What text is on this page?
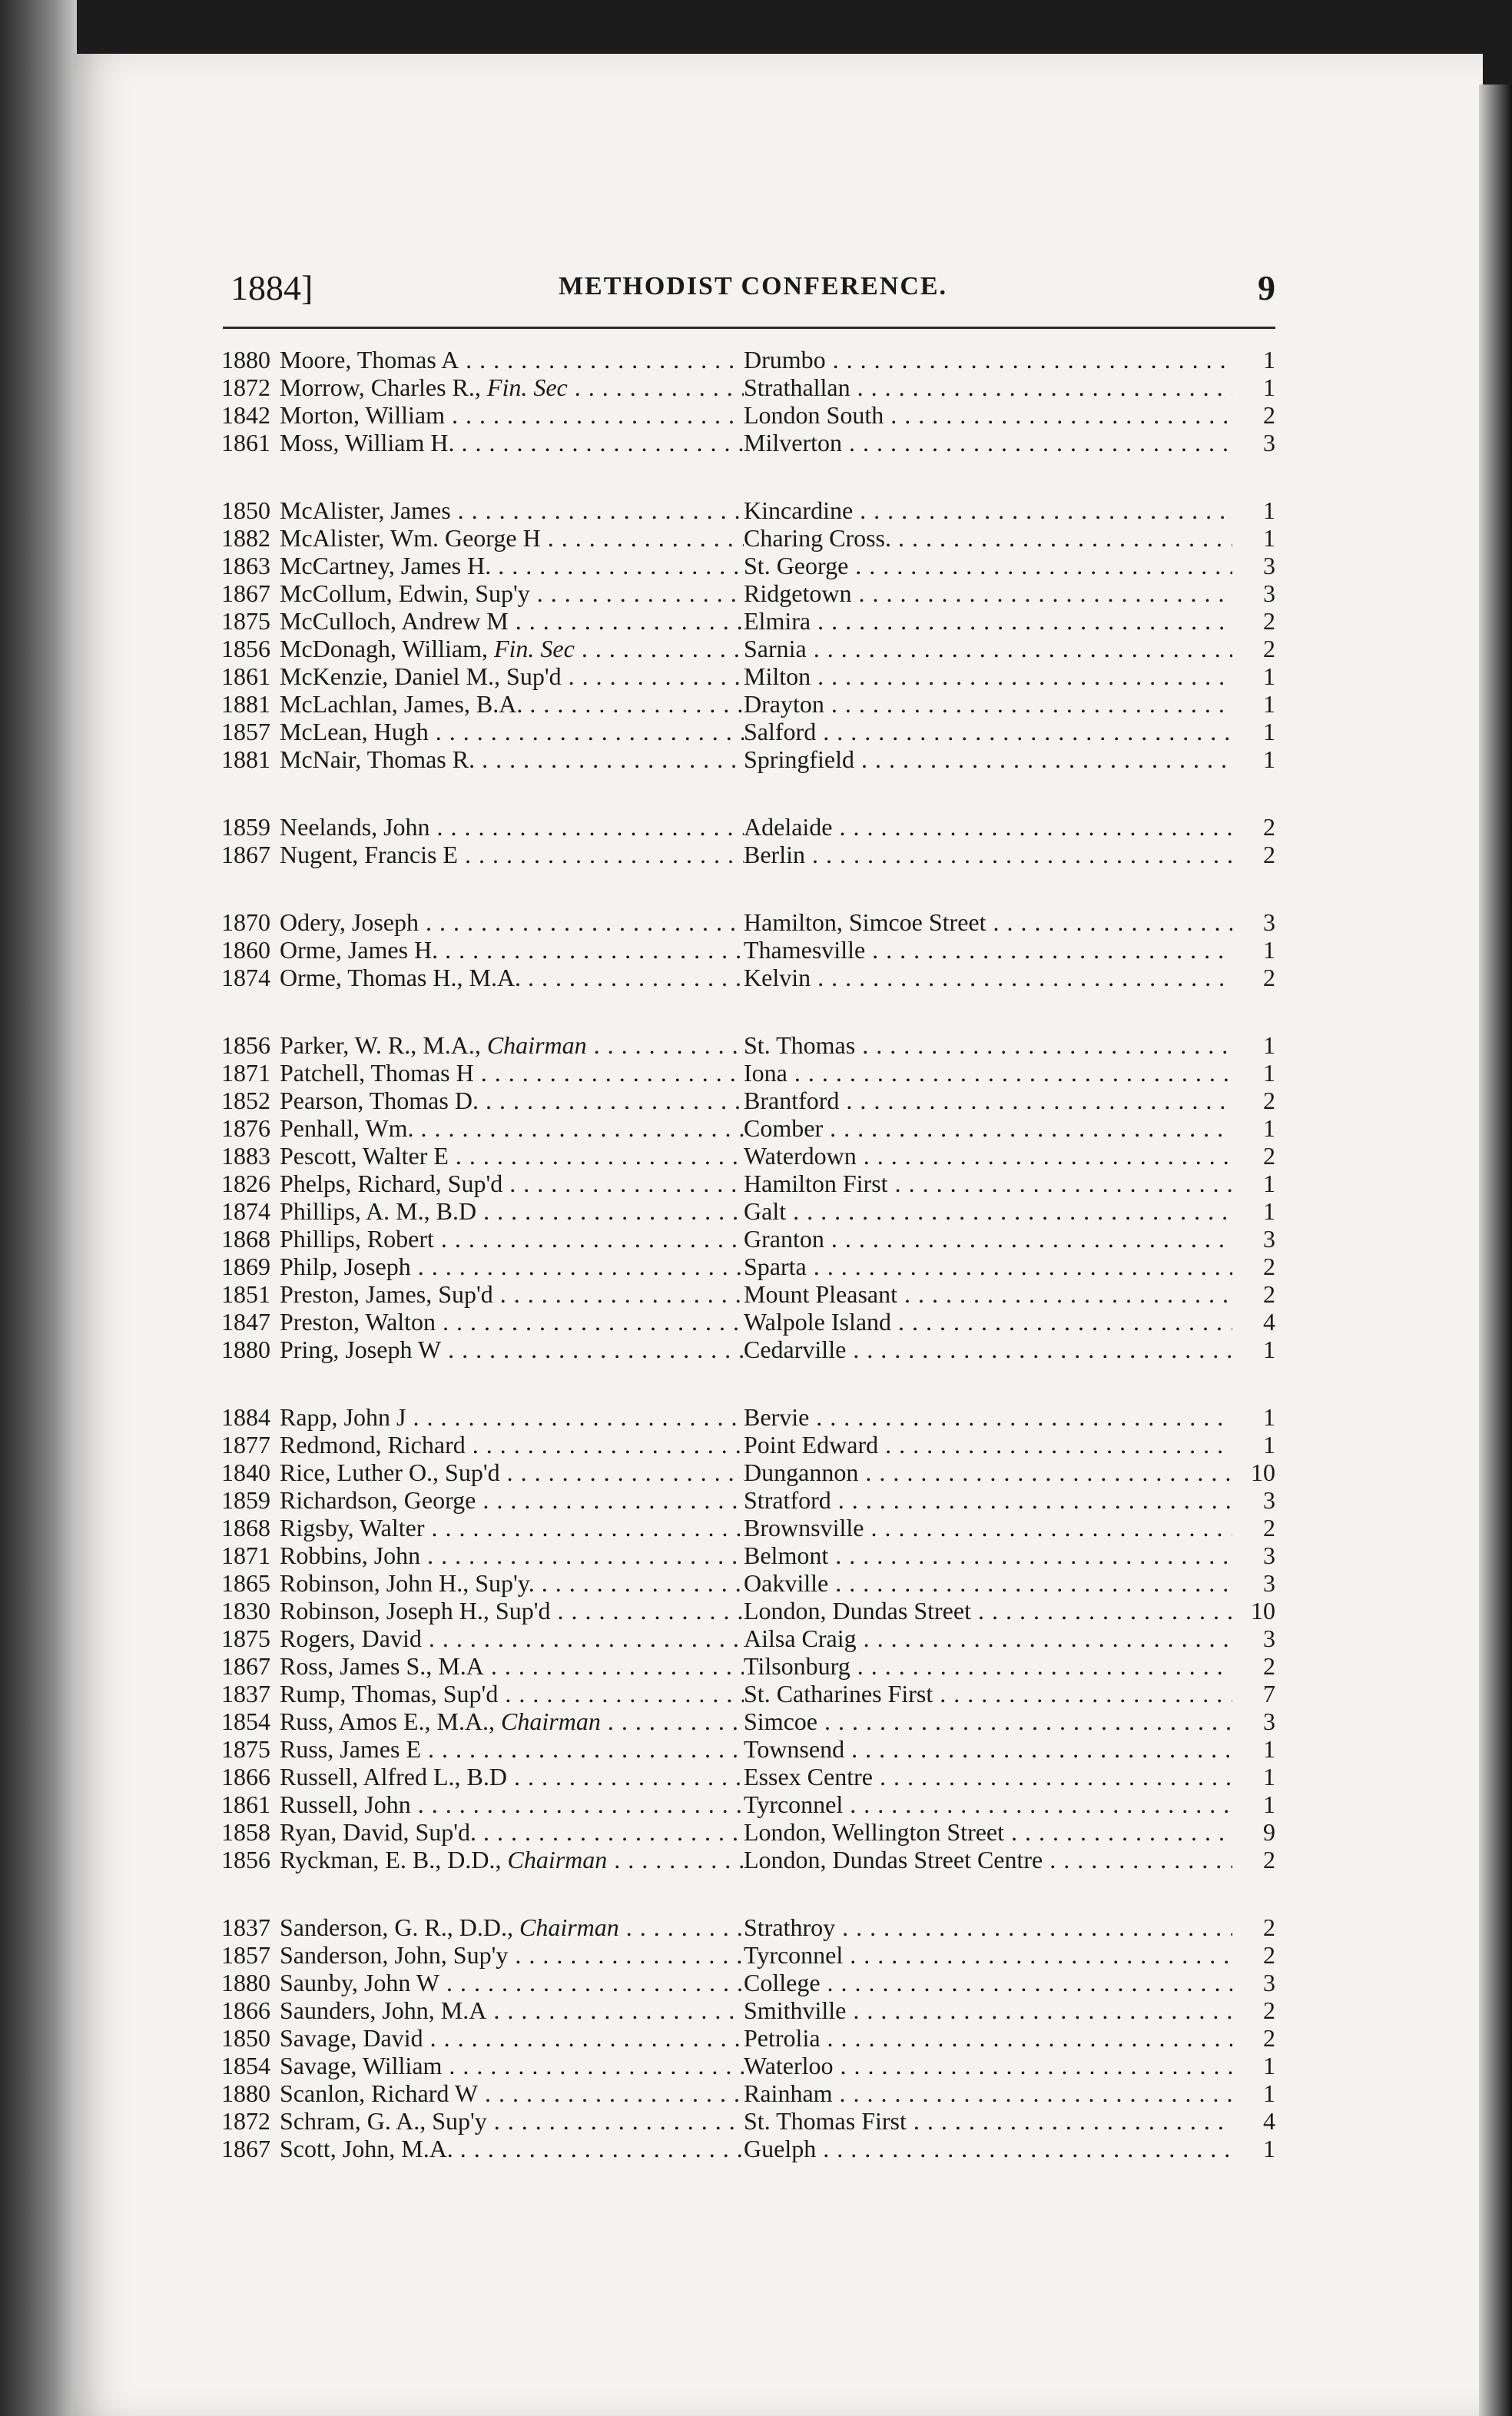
1884]	METHODIST CONFERENCE.	9
1880 Moore, Thomas A . . .	Drumbo . . .	1
1872 Morrow, Charles R., Fin. Sec . . .	Strathallan . . .	1
1842 Morton, William . . .	London South . . .	2
1861 Moss, William H. . . .	Milverton . . .	3
1850 McAlister, James . . .	Kincardine . . .	1
1882 McAlister, Wm. George H . . .	Charing Cross. . . .	1
1863 McCartney, James H. . . .	St. George . . .	3
1867 McCollum, Edwin, Sup'y . . .	Ridgetown . . .	3
1875 McCulloch, Andrew M . . .	Elmira . . .	2
1856 McDonagh, William, Fin. Sec . . .	Sarnia . . .	2
1861 McKenzie, Daniel M., Sup'd . . .	Milton . . .	1
1881 McLachlan, James, B.A. . . .	Drayton . . .	1
1857 McLean, Hugh . . .	Salford . . .	1
1881 McNair, Thomas R. . . .	Springfield . . .	1
1859 Neelands, John . . .	Adelaide . . .	2
1867 Nugent, Francis E . . .	Berlin . . .	2
1870 Odery, Joseph . . .	Hamilton, Simcoe Street . . .	3
1860 Orme, James H. . . .	Thamesville . . .	1
1874 Orme, Thomas H., M.A. . . .	Kelvin . . .	2
1856 Parker, W. R., M.A., Chairman . . .	St. Thomas . . .	1
1871 Patchell, Thomas H . . .	Iona . . .	1
1852 Pearson, Thomas D. . . .	Brantford . . .	2
1876 Penhall, Wm. . . .	Comber . . .	1
1883 Pescott, Walter E . . .	Waterdown . . .	2
1826 Phelps, Richard, Sup'd . . .	Hamilton First . . .	1
1874 Phillips, A. M., B.D . . .	Galt . . .	1
1868 Phillips, Robert . . .	Granton . . .	3
1869 Philp, Joseph . . .	Sparta . . .	2
1851 Preston, James, Sup'd . . .	Mount Pleasant . . .	2
1847 Preston, Walton . . .	Walpole Island . . .	4
1880 Pring, Joseph W . . .	Cedarville . . .	1
1884 Rapp, John J . . .	Bervie . . .	1
1877 Redmond, Richard . . .	Point Edward . . .	1
1840 Rice, Luther O., Sup'd . . .	Dungannon . . .	10
1859 Richardson, George . . .	Stratford . . .	3
1868 Rigsby, Walter . . .	Brownsville . . .	2
1871 Robbins, John . . .	Belmont . . .	3
1865 Robinson, John H., Sup'y. . . .	Oakville . . .	3
1830 Robinson, Joseph H., Sup'd . . .	London, Dundas Street . . .	10
1875 Rogers, David . . .	Ailsa Craig . . .	3
1867 Ross, James S., M.A . . .	Tilsonburg . . .	2
1837 Rump, Thomas, Sup'd . . .	St. Catharines First . . .	7
1854 Russ, Amos E., M.A., Chairman . . .	Simcoe . . .	3
1875 Russ, James E . . .	Townsend . . .	1
1866 Russell, Alfred L., B.D . . .	Essex Centre . . .	1
1861 Russell, John . . .	Tyrconnel . . .	1
1858 Ryan, David, Sup'd. . . .	London, Wellington Street . . .	9
1856 Ryckman, E. B., D.D., Chairman . . .	London, Dundas Street Centre . . .	2
1837 Sanderson, G. R., D.D., Chairman . . .	Strathroy . . .	2
1857 Sanderson, John, Sup'y . . .	Tyrconnel . . .	2
1880 Saunby, John W . . .	College . . .	3
1866 Saunders, John, M.A . . .	Smithville . . .	2
1850 Savage, David . . .	Petrolia . . .	2
1854 Savage, William . . .	Waterloo . . .	1
1880 Scanlon, Richard W . . .	Rainham . . .	1
1872 Schram, G. A., Sup'y . . .	St. Thomas First . . .	4
1867 Scott, John, M.A. . . .	Guelph . . .	1
